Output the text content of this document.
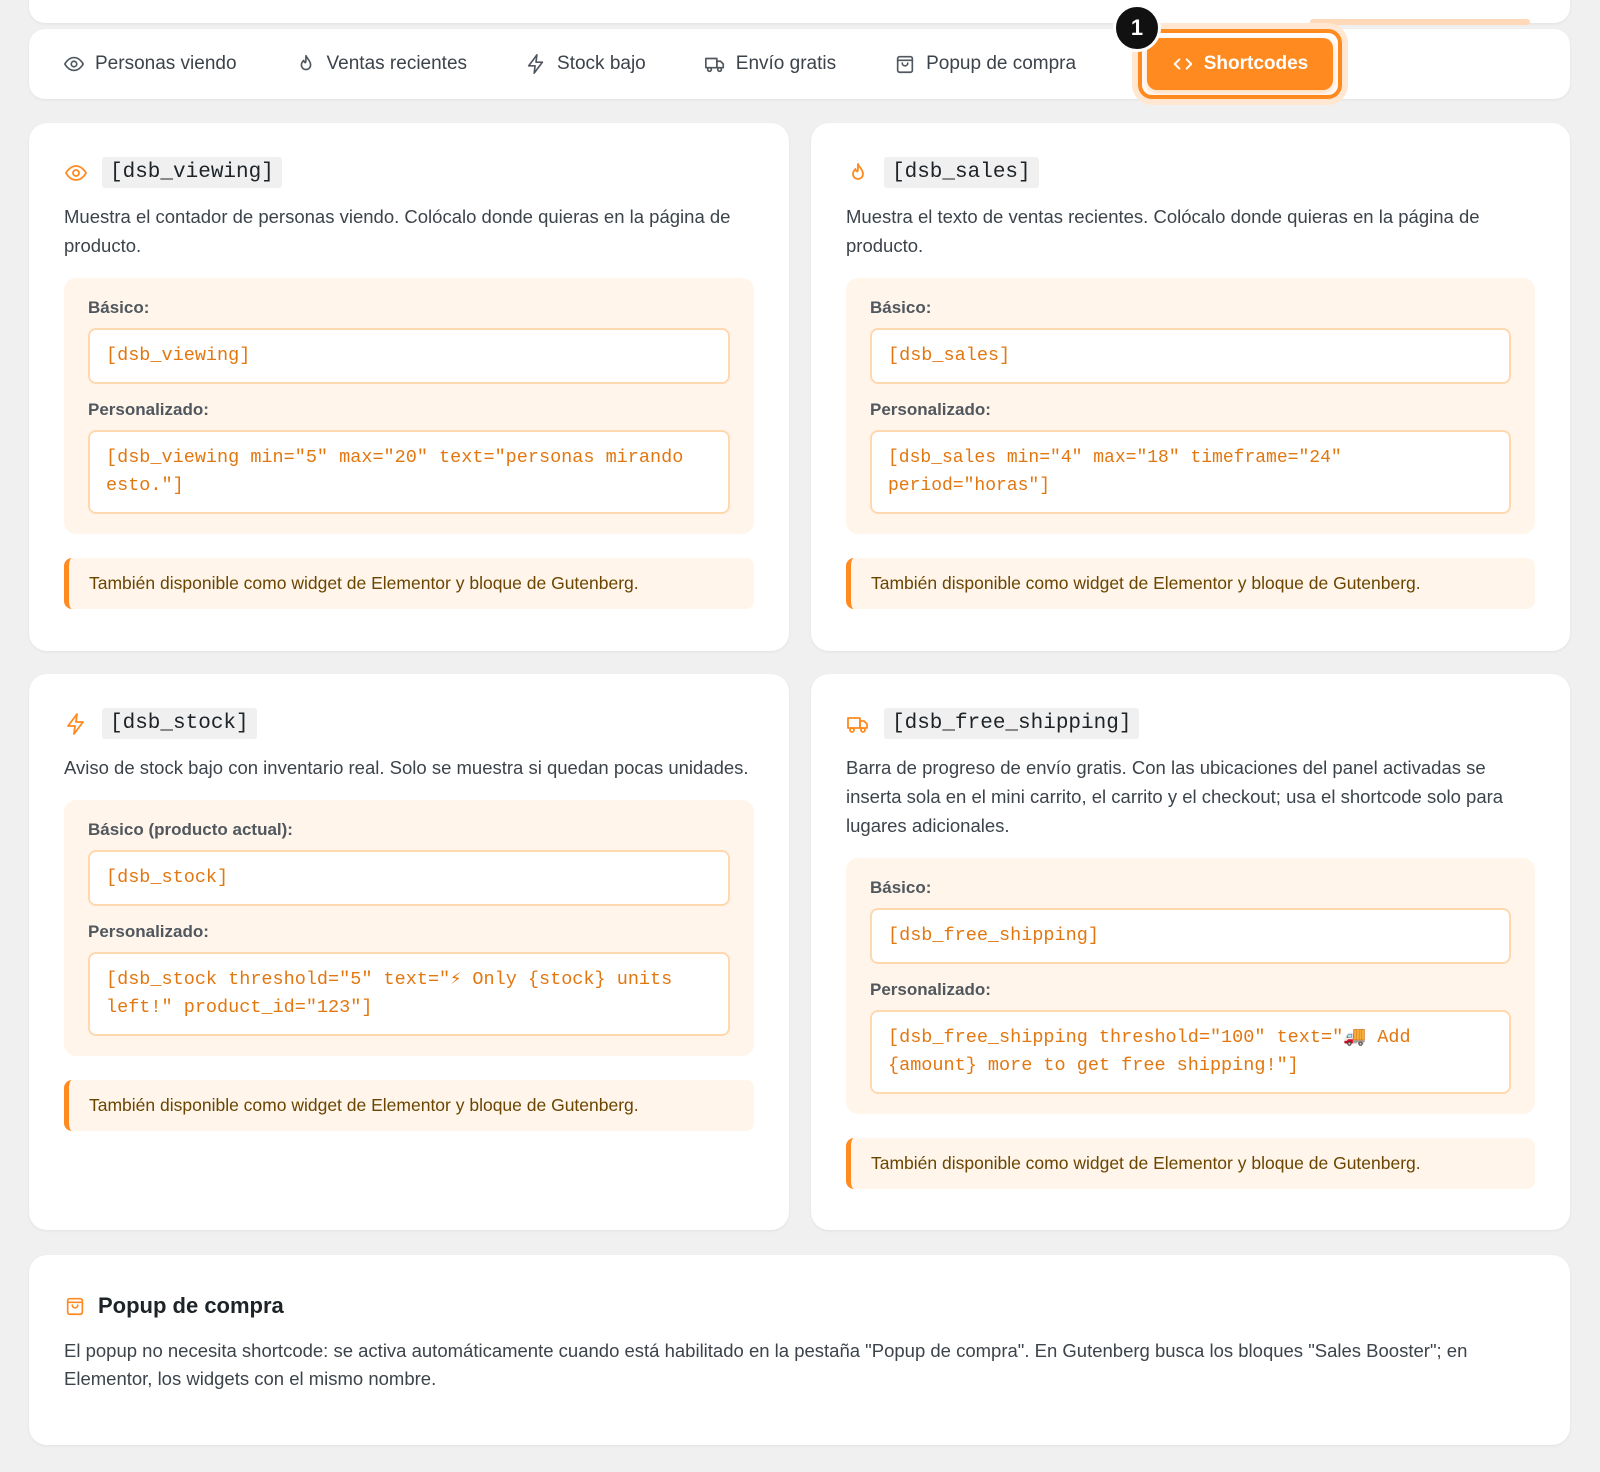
Personas viendo	Ventas recientes	Stock bajo	Envío gratis	Popup de compra	Shortcodes
1
[dsb_viewing]

Muestra el contador de personas viendo. Colócalo donde quieras en la página de producto.

Básico:
[dsb_viewing]
Personalizado:
[dsb_viewing min="5" max="20" text="personas mirando esto."]
También disponible como widget de Elementor y bloque de Gutenberg.
[dsb_sales]

Muestra el texto de ventas recientes. Colócalo donde quieras en la página de producto.

Básico:
[dsb_sales]
Personalizado:
[dsb_sales min="4" max="18" timeframe="24" period="horas"]
También disponible como widget de Elementor y bloque de Gutenberg.
[dsb_stock]

Aviso de stock bajo con inventario real. Solo se muestra si quedan pocas unidades.

Básico (producto actual):
[dsb_stock]
Personalizado:
[dsb_stock threshold="5" text="⚡ Only {stock} units left!" product_id="123"]
También disponible como widget de Elementor y bloque de Gutenberg.
[dsb_free_shipping]

Barra de progreso de envío gratis. Con las ubicaciones del panel activadas se inserta sola en el mini carrito, el carrito y el checkout; usa el shortcode solo para lugares adicionales.

Básico:
[dsb_free_shipping]
Personalizado:
[dsb_free_shipping threshold="100" text="🚚 Add {amount} more to get free shipping!"]
También disponible como widget de Elementor y bloque de Gutenberg.
Popup de compra

El popup no necesita shortcode: se activa automáticamente cuando está habilitado en la pestaña "Popup de compra". En Gutenberg busca los bloques "Sales Booster"; en Elementor, los widgets con el mismo nombre.
